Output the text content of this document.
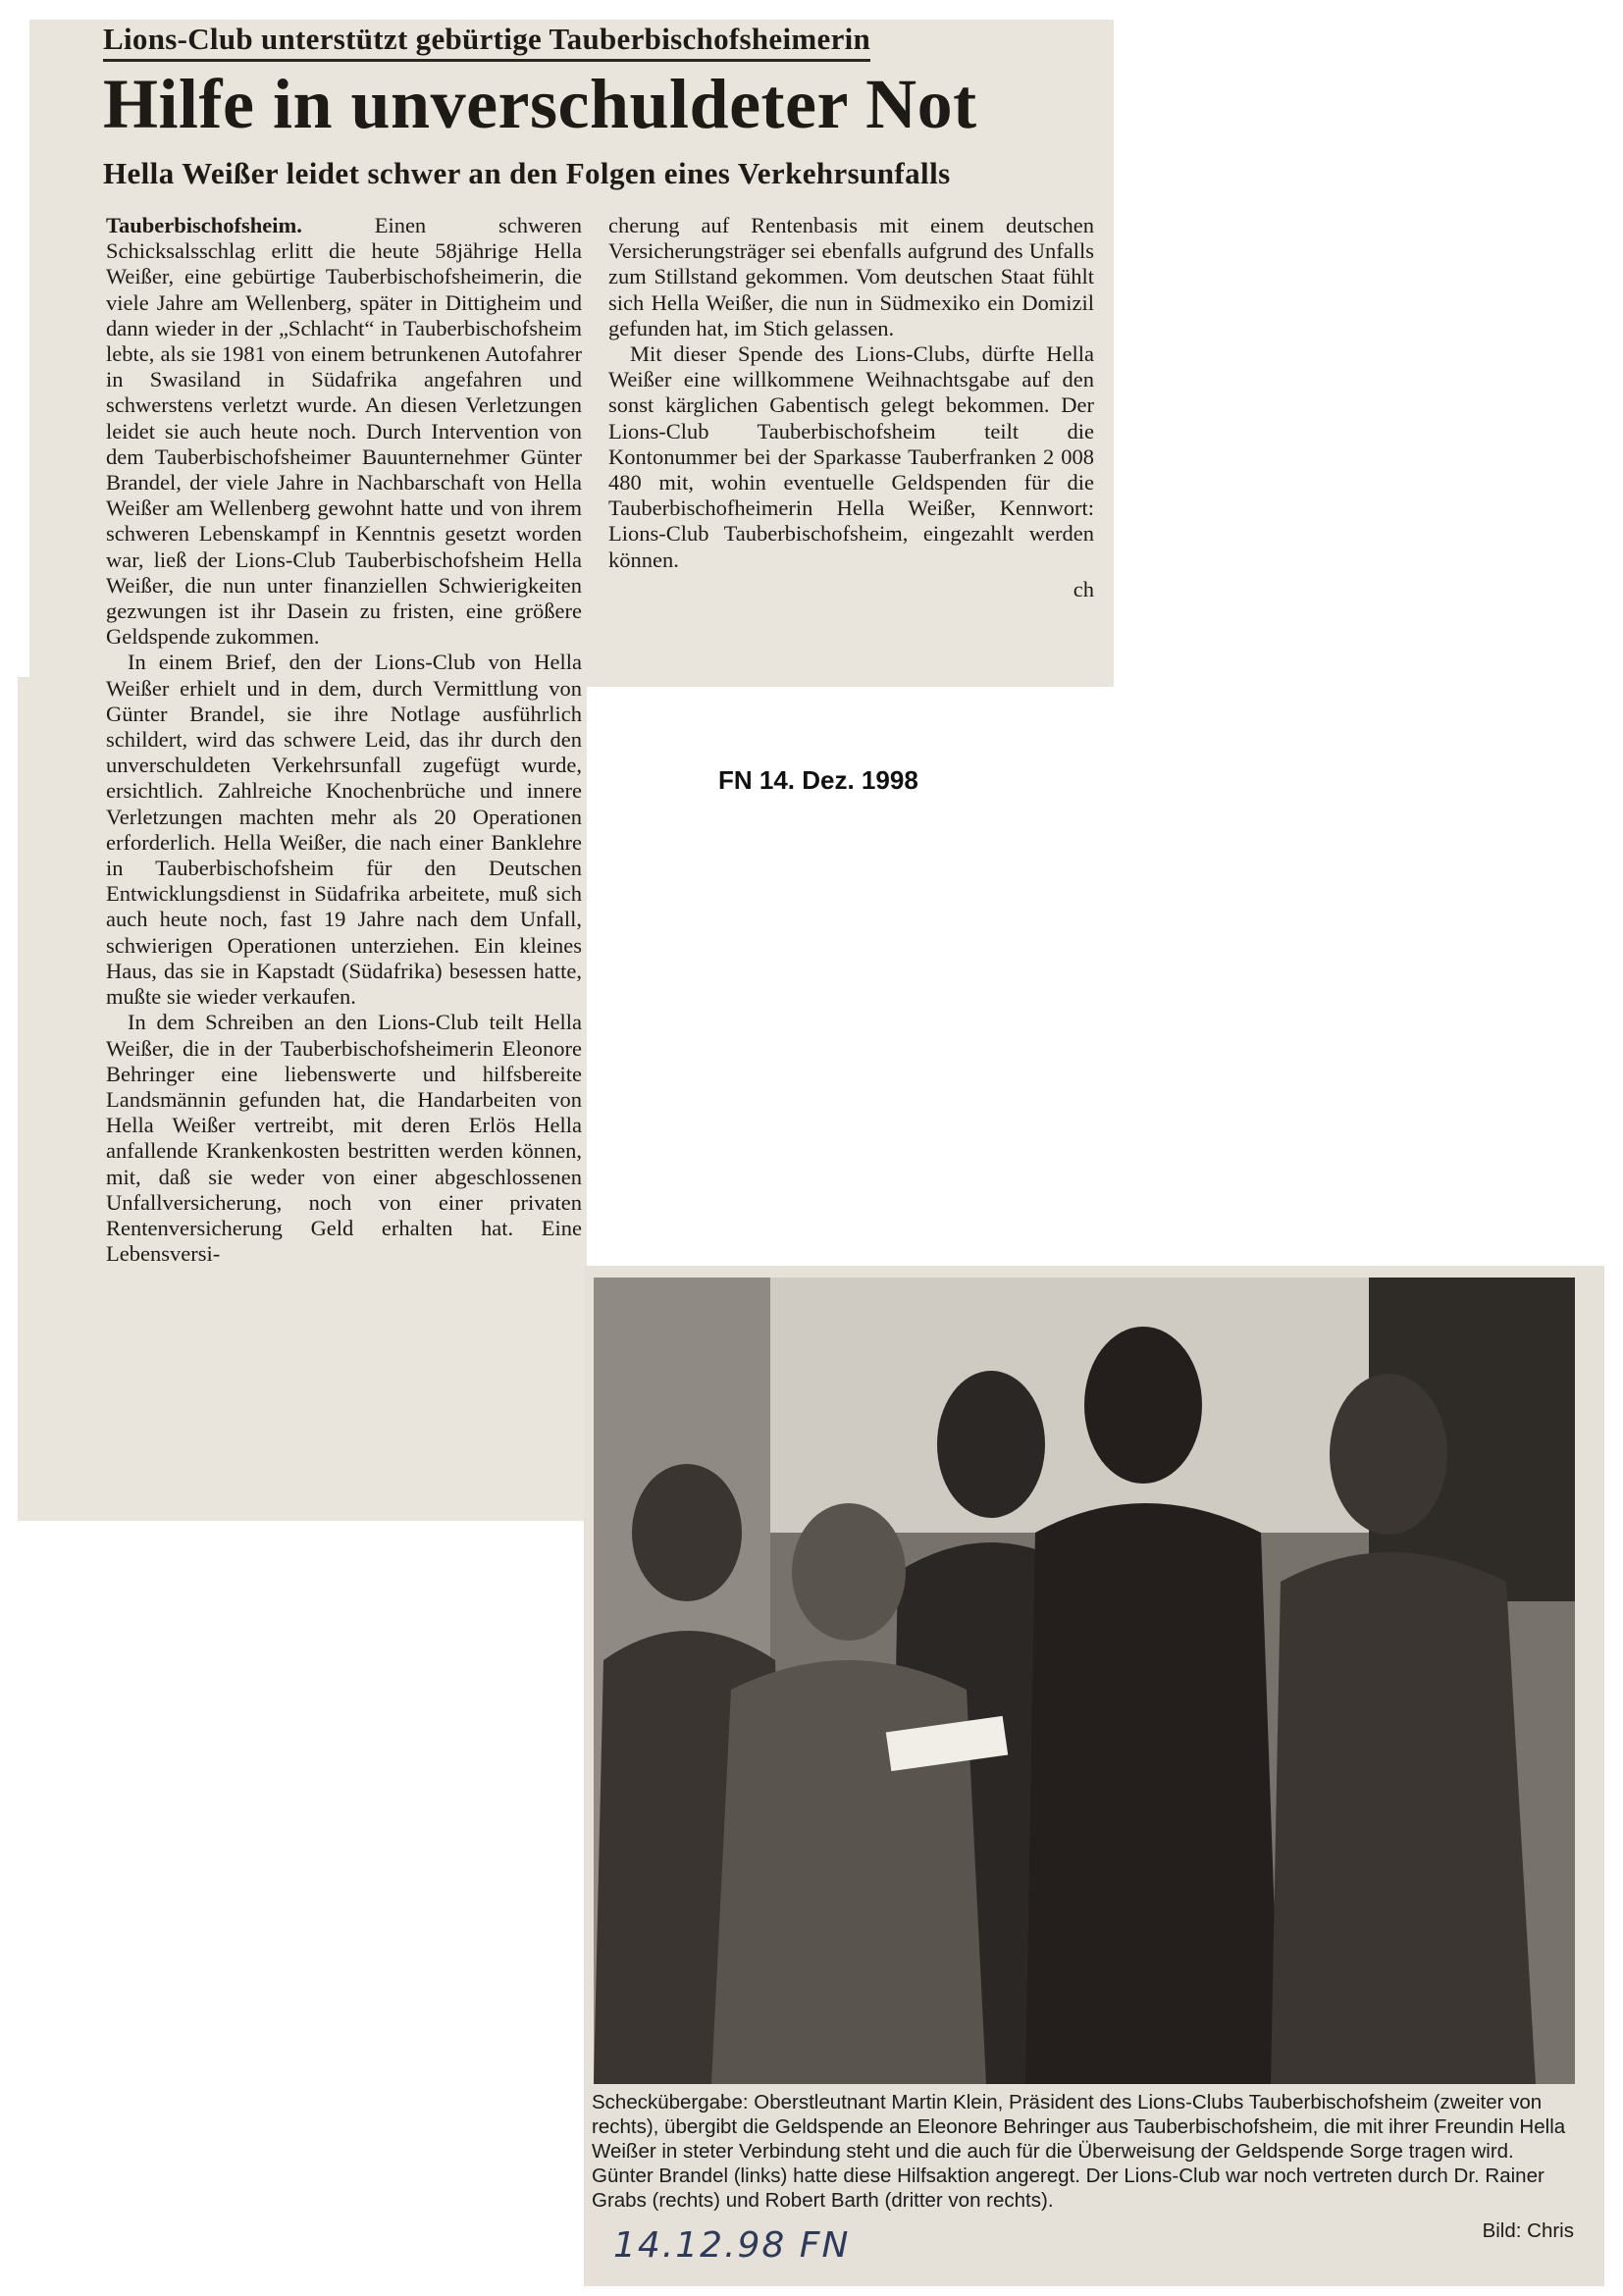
Lions-Club unterstützt gebürtige Tauberbischofsheimerin
Hilfe in unverschuldeter Not
Hella Weißer leidet schwer an den Folgen eines Verkehrsunfalls

Tauberbischofsheim.	Einen schweren Schicksalsschlag erlitt die heute 58jährige Hella Weißer, eine gebürtige Tauberbischofsheimerin, die viele Jahre am Wellenberg, später in Dittigheim und dann wieder in der „Schlacht“ in Tauberbischofsheim lebte, als sie 1981 von einem betrunkenen Autofahrer in Swasiland in Südafrika angefahren und schwerstens verletzt wurde. An diesen Verletzungen leidet sie auch heute noch. Durch Intervention von dem Tauberbischofsheimer Bauunternehmer Günter Brandel, der viele Jahre in Nachbarschaft von Hella Weißer am Wellenberg gewohnt hatte und von ihrem schweren Lebenskampf in Kenntnis gesetzt worden war, ließ der Lions-Club Tauberbischofsheim Hella Weißer, die nun unter finanziellen Schwierigkeiten gezwungen ist ihr Dasein zu fristen, eine größere Geldspende zukommen.

In einem Brief, den der Lions-Club von Hella Weißer erhielt und in dem, durch Vermittlung von Günter Brandel, sie ihre Notlage ausführlich schildert, wird das schwere Leid, das ihr durch den unverschuldeten Verkehrsunfall zugefügt wurde, ersichtlich. Zahlreiche Knochenbrüche und innere Verletzungen machten mehr als 20 Operationen erforderlich. Hella Weißer, die nach einer Banklehre in Tauberbischofsheim für den Deutschen Entwicklungsdienst in Südafrika arbeitete, muß sich auch heute noch, fast 19 Jahre nach dem Unfall, schwierigen Operationen unterziehen. Ein kleines Haus, das sie in Kapstadt (Südafrika) besessen hatte, mußte sie wieder verkaufen.

In dem Schreiben an den Lions-Club teilt Hella Weißer, die in der Tauberbischofsheimerin Eleonore Behringer eine liebenswerte und hilfsbereite Landsmännin gefunden hat, die Handarbeiten von Hella Weißer vertreibt, mit deren Erlös Hella anfallende Krankenkosten bestritten werden können, mit, daß sie weder von einer abgeschlossenen Unfallversicherung, noch von einer privaten Rentenversicherung Geld erhalten hat. Eine Lebensversi-

cherung auf Rentenbasis mit einem deutschen Versicherungsträger sei ebenfalls aufgrund des Unfalls zum Stillstand gekommen. Vom deutschen Staat fühlt sich Hella Weißer, die nun in Südmexiko ein Domizil gefunden hat, im Stich gelassen.

Mit dieser Spende des Lions-Clubs, dürfte Hella Weißer eine willkommene Weihnachtsgabe auf den sonst kärglichen Gabentisch gelegt bekommen. Der Lions-Club Tauberbischofsheim teilt die Kontonummer bei der Sparkasse Tauberfranken 2 008 480 mit, wohin eventuelle Geldspenden für die Tauberbischofheimerin Hella Weißer, Kennwort: Lions-Club Tauberbischofsheim, eingezahlt werden können.

ch
FN 14. Dez. 1998
Scheckübergabe: Oberstleutnant Martin Klein, Präsident des Lions-Clubs Tauberbischofsheim (zweiter von rechts), übergibt die Geldspende an Eleonore Behringer aus Tauberbischofsheim, die mit ihrer Freundin Hella Weißer in steter Verbindung steht und die auch für die Überweisung der Geldspende Sorge tragen wird. Günter Brandel (links) hatte diese Hilfsaktion angeregt. Der Lions-Club war noch vertreten durch Dr. Rainer Grabs (rechts) und Robert Barth (dritter von rechts).
Bild: Chris
14.12.98 FN
